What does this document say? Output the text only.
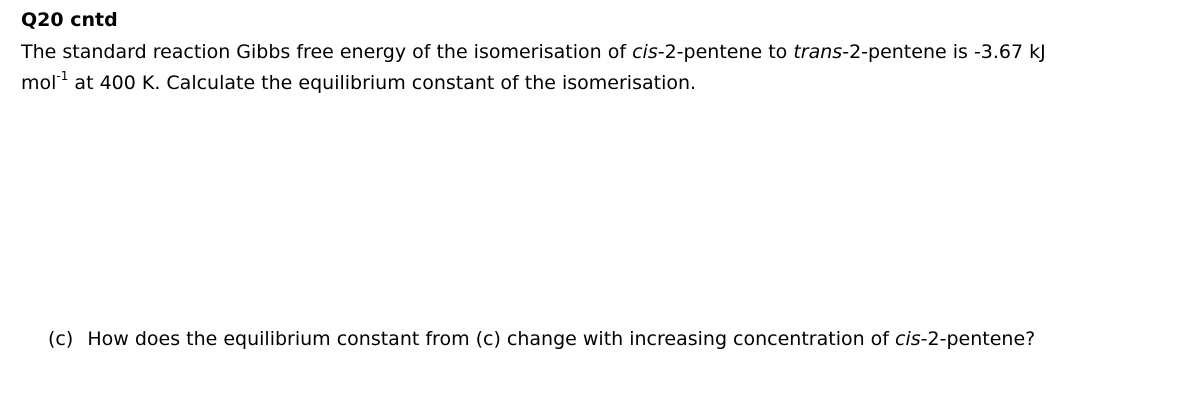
Q20 cntd
The standard reaction Gibbs free energy of the isomerisation of cis-2-pentene to trans-2-pentene is -3.67 kJ
mol$^{-1}$ at 400 K. Calculate the equilibrium constant of the isomerisation.
(c) How does the equilibrium constant from (c) change with increasing concentration of cis-2-pentene?
